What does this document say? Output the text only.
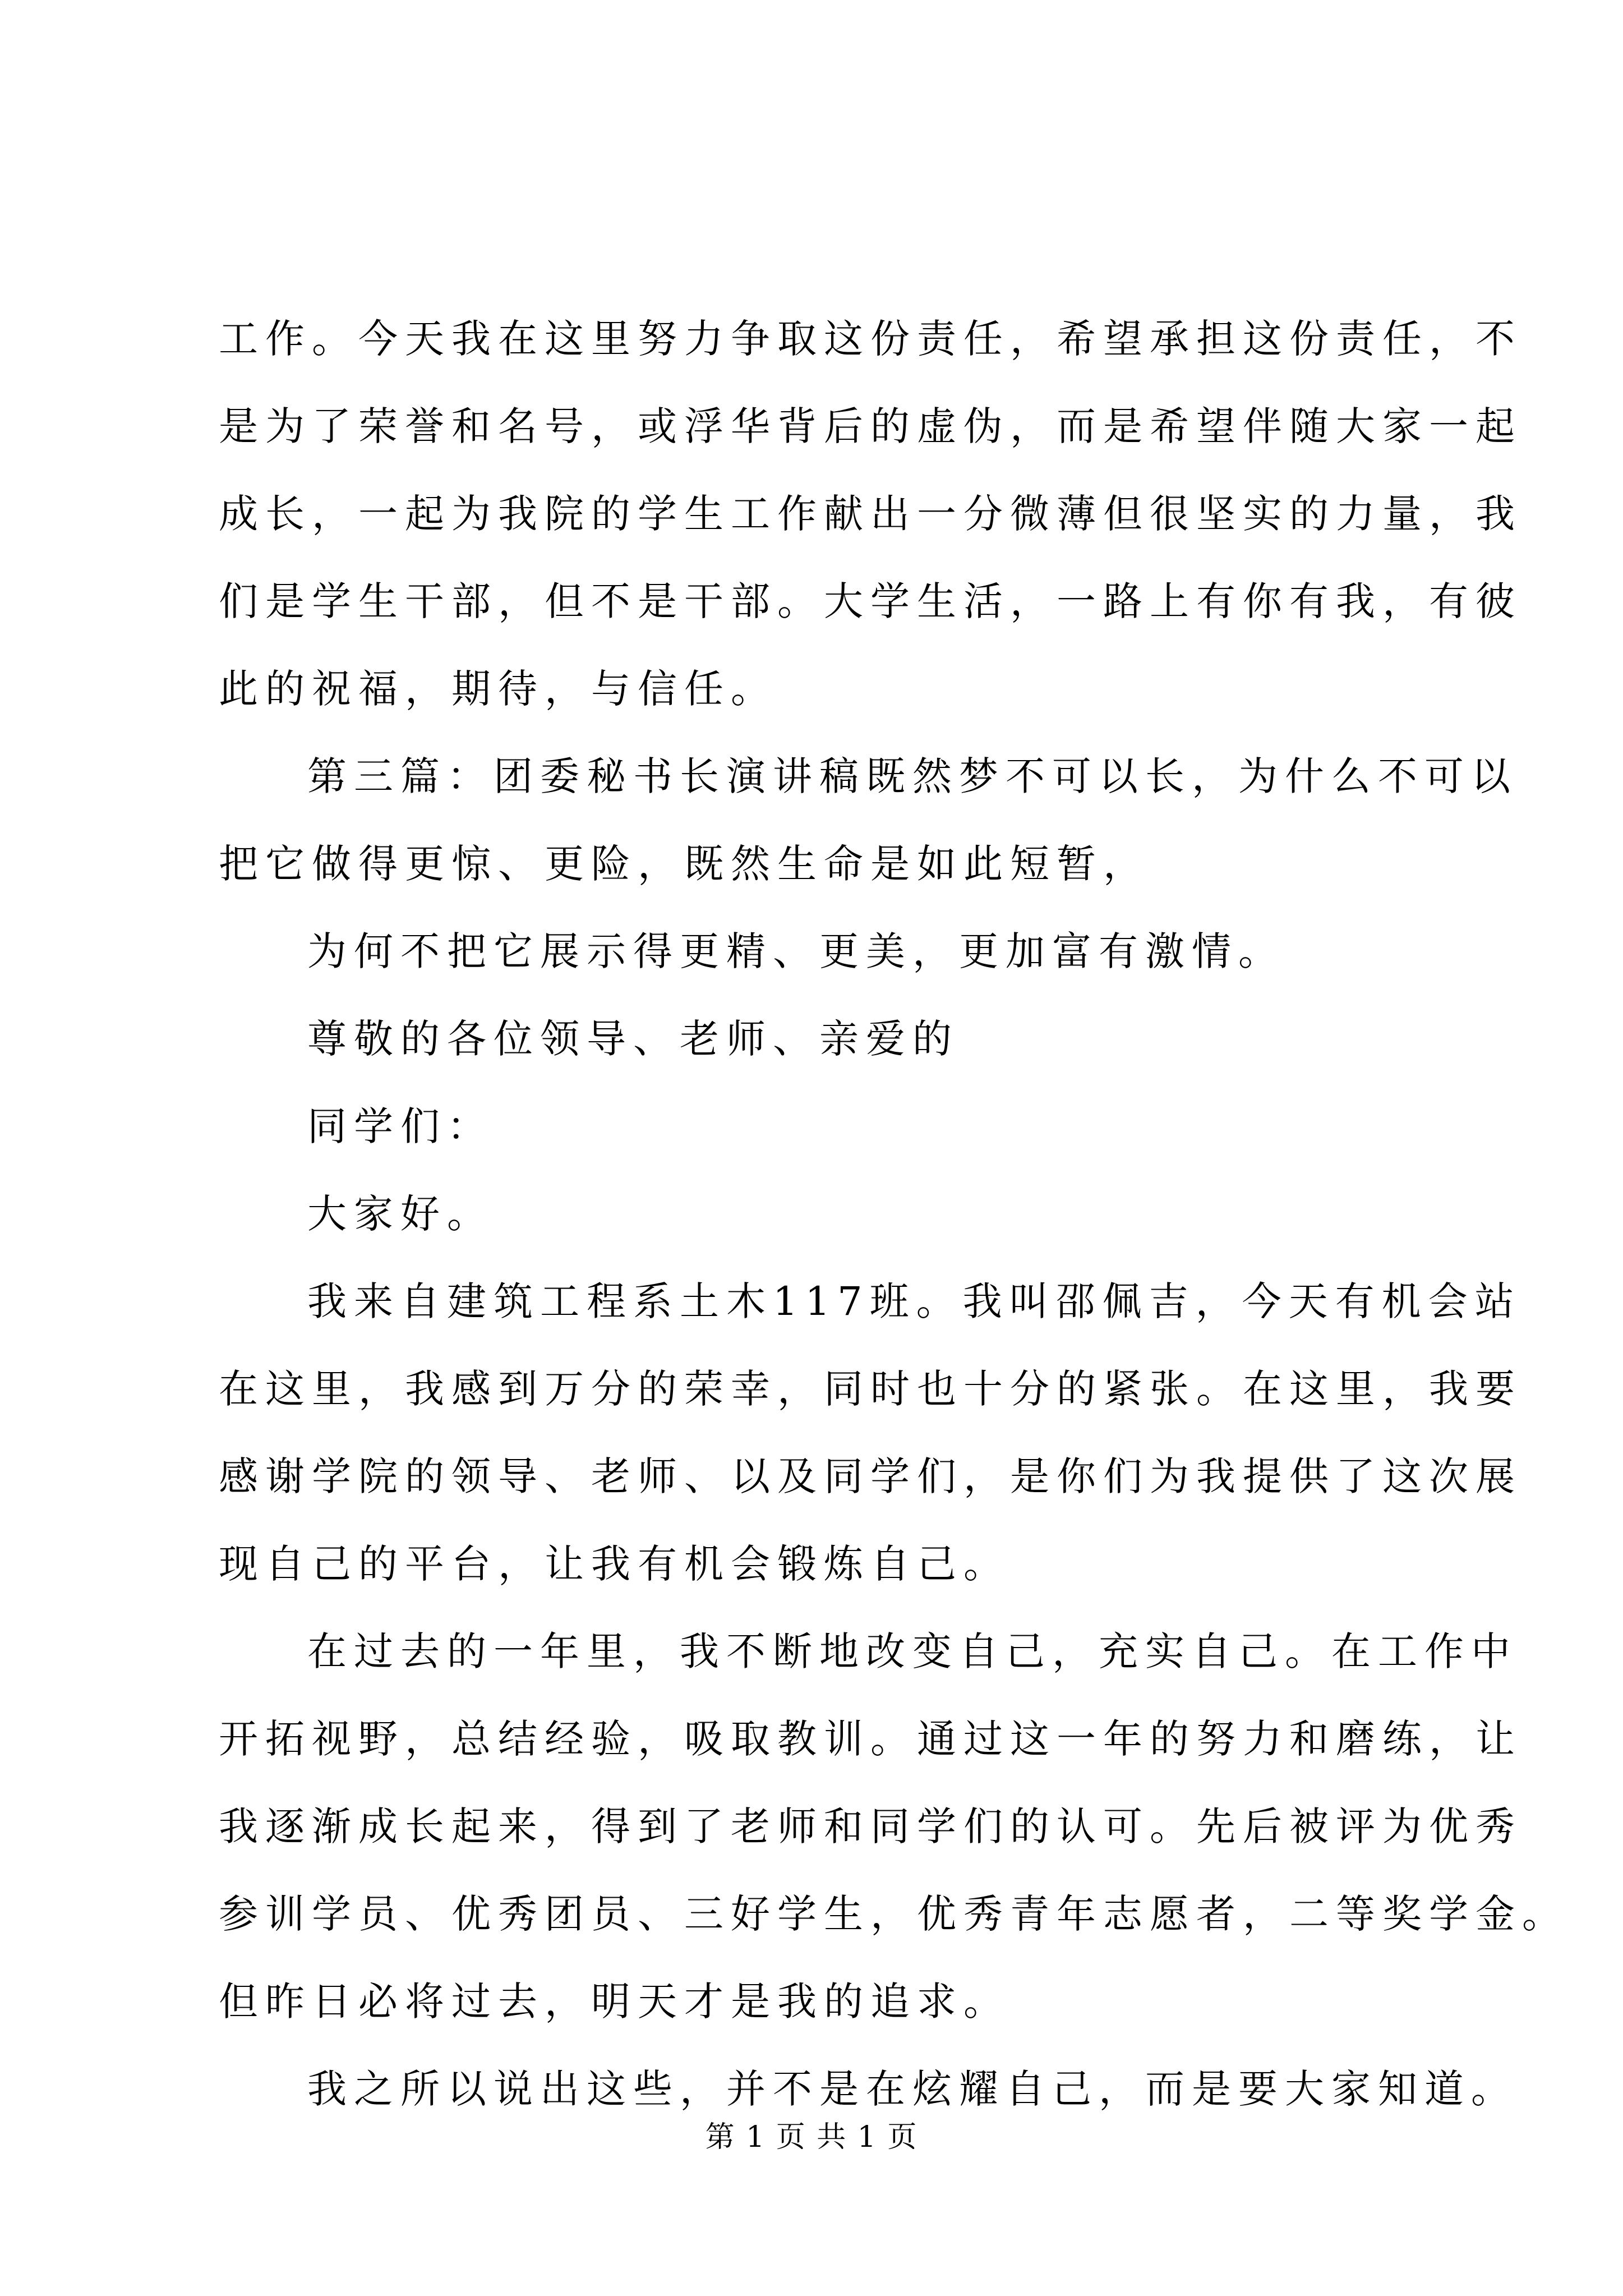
工作。今天我在这里努力争取这份责任，希望承担这份责任，不
是为了荣誉和名号，或浮华背后的虚伪，而是希望伴随大家一起
成长，一起为我院的学生工作献出一分微薄但很坚实的力量，我
们是学生干部，但不是干部。大学生活，一路上有你有我，有彼
此的祝福，期待，与信任。
第三篇：团委秘书长演讲稿既然梦不可以长，为什么不可以
把它做得更惊、更险，既然生命是如此短暂，
为何不把它展示得更精、更美，更加富有激情。
尊敬的各位领导、老师、亲爱的
同学们：
大家好。
我来自建筑工程系土木117班。我叫邵佩吉，今天有机会站
在这里，我感到万分的荣幸，同时也十分的紧张。在这里，我要
感谢学院的领导、老师、以及同学们，是你们为我提供了这次展
现自己的平台，让我有机会锻炼自己。
在过去的一年里，我不断地改变自己，充实自己。在工作中
开拓视野，总结经验，吸取教训。通过这一年的努力和磨练，让
我逐渐成长起来，得到了老师和同学们的认可。先后被评为优秀
参训学员、优秀团员、三好学生，优秀青年志愿者，二等奖学金。
但昨日必将过去，明天才是我的追求。
我之所以说出这些，并不是在炫耀自己，而是要大家知道。
第 1 页 共 1 页
